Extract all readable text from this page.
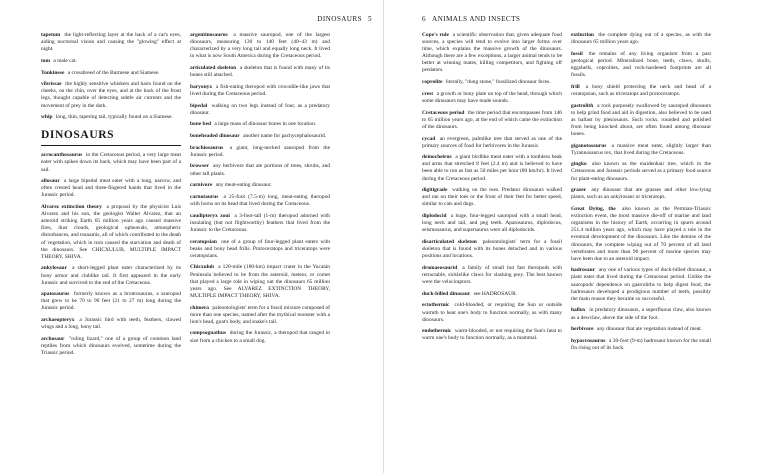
DINOSAURS 5

tapetum the light-reflecting layer at the back of a cat's eyes, aiding nocturnal vision and causing the "glowing" effect at night.

tom a male cat.

Tonkinese a crossbreed of the Burmese and Siamese.

vibrissae the highly sensitive whiskers and hairs found on the cheeks, on the chin, over the eyes, and at the back of the front legs, thought capable of detecting subtle air currents and the movement of prey in the dark.

whip long, thin, tapering tail, typically found on a Siamese.

DINOSAURS

acrocanthosaurus in the Cretaceous period, a very large meat eater with spikes down its back, which may have been part of a sail.

allosaur a large bipedal meat eater with a long, narrow, and often crested head and three-fingered hands that lived in the Jurassic period.

Alvarez extinction theory a proposal by the physicist Luis Alvarez and his son, the geologist Walter Alvarez, that an asteroid striking Earth 65 million years ago caused massive fires, dust clouds, geological upheavals, atmospheric disturbances, and tsunamis, all of which contributed to the death of vegetation, which in turn caused the starvation and death of the dinosaurs. See CHICXULUB, MULTIPLE IMPACT THEORY, SHIVA.

ankylosaur a short-legged plant eater characterized by its bony armor and clublike tail. It first appeared in the early Jurassic and survived to the end of the Cretaceous.

apatosaurus formerly known as a brontosaurus, a sauropod that grew to be 70 to 90 feet (21 to 27 m) long during the Jurassic period.

archaeopteryx a Jurassic bird with teeth, feathers, clawed wings and a long, bony tail.

archosaur "ruling lizard," one of a group of common land reptiles from which dinosaurs evolved, sometime during the Triassic period.

argentinosaurus a massive sauropod, one of the largest dinosaurs, measuring 130 to 140 feet (40–43 m) and characterized by a very long tail and equally long neck. It lived in what is now South America during the Cretaceous period.

articulated skeleton a skeleton that is found with many of its bones still attached.

baryonyx a fish-eating theropod with crocodile-like jaws that lived during the Cretaceous period.

bipedal walking on two legs instead of four, as a predatory dinosaur.

bone bed a large mass of dinosaur bones in one location.

boneheaded dinosaur another name for pachycephalosaurid.

brachiosaurus a giant, long-necked sauropod from the Jurassic period.

browser any herbivore that ate portions of trees, shrubs, and other tall plants.

carnivore any meat-eating dinosaur.

carnotaurus a 25-foot (7.5-m) long, meat-eating theropod with horns on its head that lived during the Cretaceous.

caudipteryx zoui a 3-foot-tall (1-m) theropod adorned with insulating (but not flightworthy) feathers that lived from the Jurassic to the Cretaceous.

ceratopsian one of a group of four-legged plant eaters with beaks and bony head frills. Protoceratops and triceratops were ceratopsians.

Chicxulub a 120-mile (180-km) impact crater in the Yucatán Peninsula believed to be from the asteroid, meteor, or comet that played a large role in wiping out the dinosaurs 65 million years ago. See ALVAREZ EXTINCTION THEORY, MULTIPLE IMPACT THEORY, SHIVA.

chimera paleontologists' term for a fossil mixture composed of more than one species, named after the mythical monster with a lion's head, goat's body, and snake's tail.

compsognathus during the Jurassic, a theropod that ranged in size from a chicken to a small dog.

6 ANIMALS AND INSECTS

Cope's rule a scientific observation that, given adequate food sources, a species will tend to evolve into larger forms over time, which explains the massive growth of the dinosaurs. Although there are a few exceptions, a larger animal tends to be better at winning mates, killing competitors, and fighting off predators.

coprolite literally, "dung stone," fossilized dinosaur feces.

crest a growth or bony plate on top of the head, through which some dinosaurs may have made sounds.

Cretaceous period the time period that encompasses from 146 to 65 million years ago, at the end of which came the extinction of the dinosaurs.

cycad an evergreen, palmlike tree that served as one of the primary sources of food for herbivores in the Jurassic.

deinocheirus a giant birdlike meat eater with a toothless beak and arms that stretched 8 feet (2.4 m) and is believed to have been able to run as fast as 50 miles per hour (80 km/hr). It lived during the Cretaceous period.

digitigrade walking on the toes. Predator dinosaurs walked and ran on their toes or the front of their feet for better speed, similar to cats and dogs.

diplodocid a huge, four-legged sauropod with a small head, long neck and tail, and peg teeth. Apatosaurus, diplodocus, seismosaurus, and supersaurus were all diplodocids.

disarticulated skeleton paleontologists' term for a fossil skeleton that is found with its bones detached and in various positions and locations.

dromaeosaurid a family of small but fast theropods with retractable, sicklelike claws for slashing prey. The best known were the velociraptors.

duck-billed dinosaur see HADROSAUR.

ectothermic cold-blooded, or requiring the Sun or outside warmth to heat one's body to function normally, as with many dinosaurs.

endothermic warm-blooded, or not requiring the Sun's heat to warm one's body to function normally, as a mammal.

extinction the complete dying out of a species, as with the dinosaurs 65 million years ago.

fossil the remains of any living organism from a past geological period. Mineralized bone, teeth, claws, skulls, eggshells, coprolites, and rock-hardened footprints are all fossils.

frill a bony shield protecting the neck and head of a ceratopsian, such as triceratops and protoceratops.

gastrolith a rock purposely swallowed by sauropod dinosaurs to help grind food and aid in digestion, also believed to be used as ballast by plesiosaurs. Such rocks, rounded and polished from being knocked about, are often found among dinosaur bones.

giganotosaurus a massive meat eater, slightly larger than Tyrannosaurus rex, that lived during the Cretaceous.

gingko also known as the maidenhair tree, which in the Cretaceous and Jurassic periods served as a primary food source for plant-eating dinosaurs.

grazer any dinosaur that ate grasses and other low-lying plants, such as an ankylosaur or triceratops.

Great Dying, the also known as the Permian-Triassic extinction event, the most massive die-off of marine and land organisms in the history of Earth, occurring in spurts around 251.4 million years ago, which may have played a role in the eventual development of the dinosaurs. Like the demise of the dinosaurs, the complete wiping out of 70 percent of all land vertebrates and more than 90 percent of marine species may have been due to an asteroid impact.

hadrosaur any one of various types of duck-billed dinosaur, a plant eater that lived during the Cretaceous period. Unlike the sauropods' dependence on gastroliths to help digest food, the hadrosaurs developed a prodigious number of teeth, possibly the main reason they became so successful.

hallux in predatory dinosaurs, a superfluous claw, also known as a dewclaw, above the side of the foot.

herbivore any dinosaur that ate vegetation instead of meat.

hypacrosaurus a 30-foot (9-m) hadrosaur known for the small fin rising out of its back.
